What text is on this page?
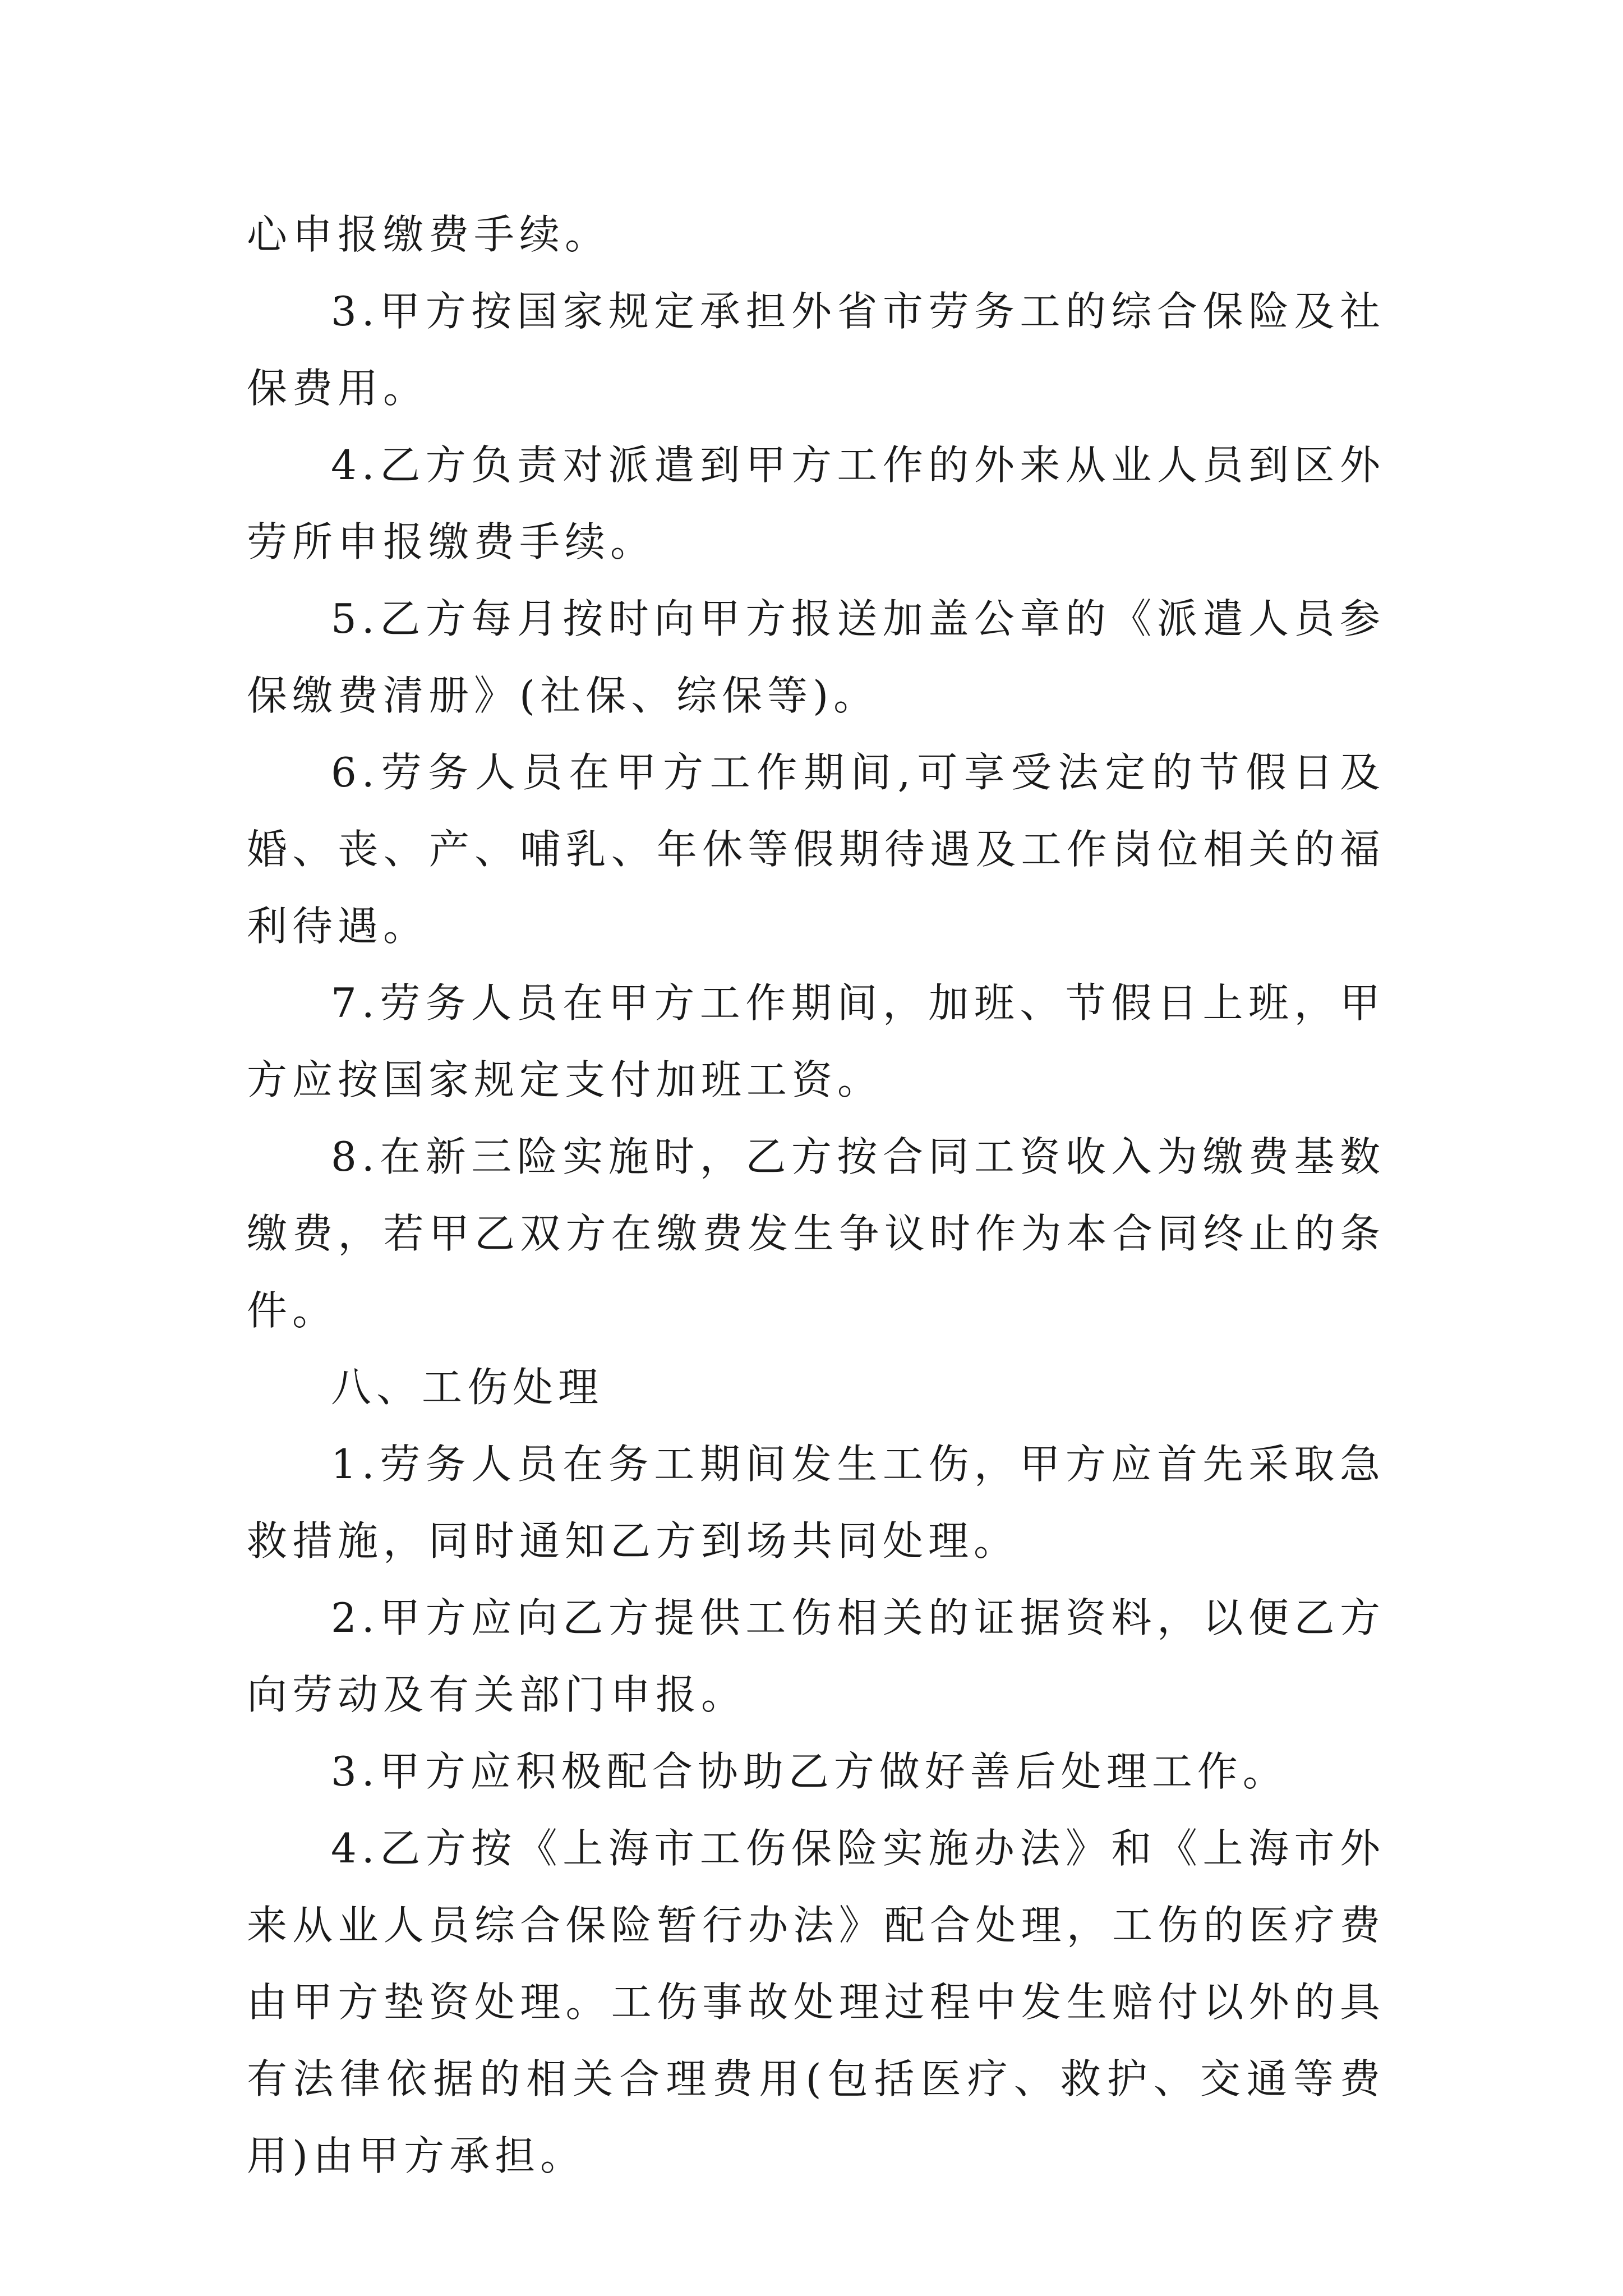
心申报缴费手续。

3.甲方按国家规定承担外省市劳务工的综合保险及社保费用。

4.乙方负责对派遣到甲方工作的外来从业人员到区外劳所申报缴费手续。

5.乙方每月按时向甲方报送加盖公章的《派遣人员参保缴费清册》(社保、综保等)。

6.劳务人员在甲方工作期间,可享受法定的节假日及婚、丧、产、哺乳、年休等假期待遇及工作岗位相关的福利待遇。

7.劳务人员在甲方工作期间，加班、节假日上班，甲方应按国家规定支付加班工资。

8.在新三险实施时，乙方按合同工资收入为缴费基数缴费，若甲乙双方在缴费发生争议时作为本合同终止的条件。

八、工伤处理

1.劳务人员在务工期间发生工伤，甲方应首先采取急救措施，同时通知乙方到场共同处理。

2.甲方应向乙方提供工伤相关的证据资料，以便乙方向劳动及有关部门申报。

3.甲方应积极配合协助乙方做好善后处理工作。

4.乙方按《上海市工伤保险实施办法》和《上海市外来从业人员综合保险暂行办法》配合处理，工伤的医疗费由甲方垫资处理。工伤事故处理过程中发生赔付以外的具有法律依据的相关合理费用(包括医疗、救护、交通等费用)由甲方承担。
